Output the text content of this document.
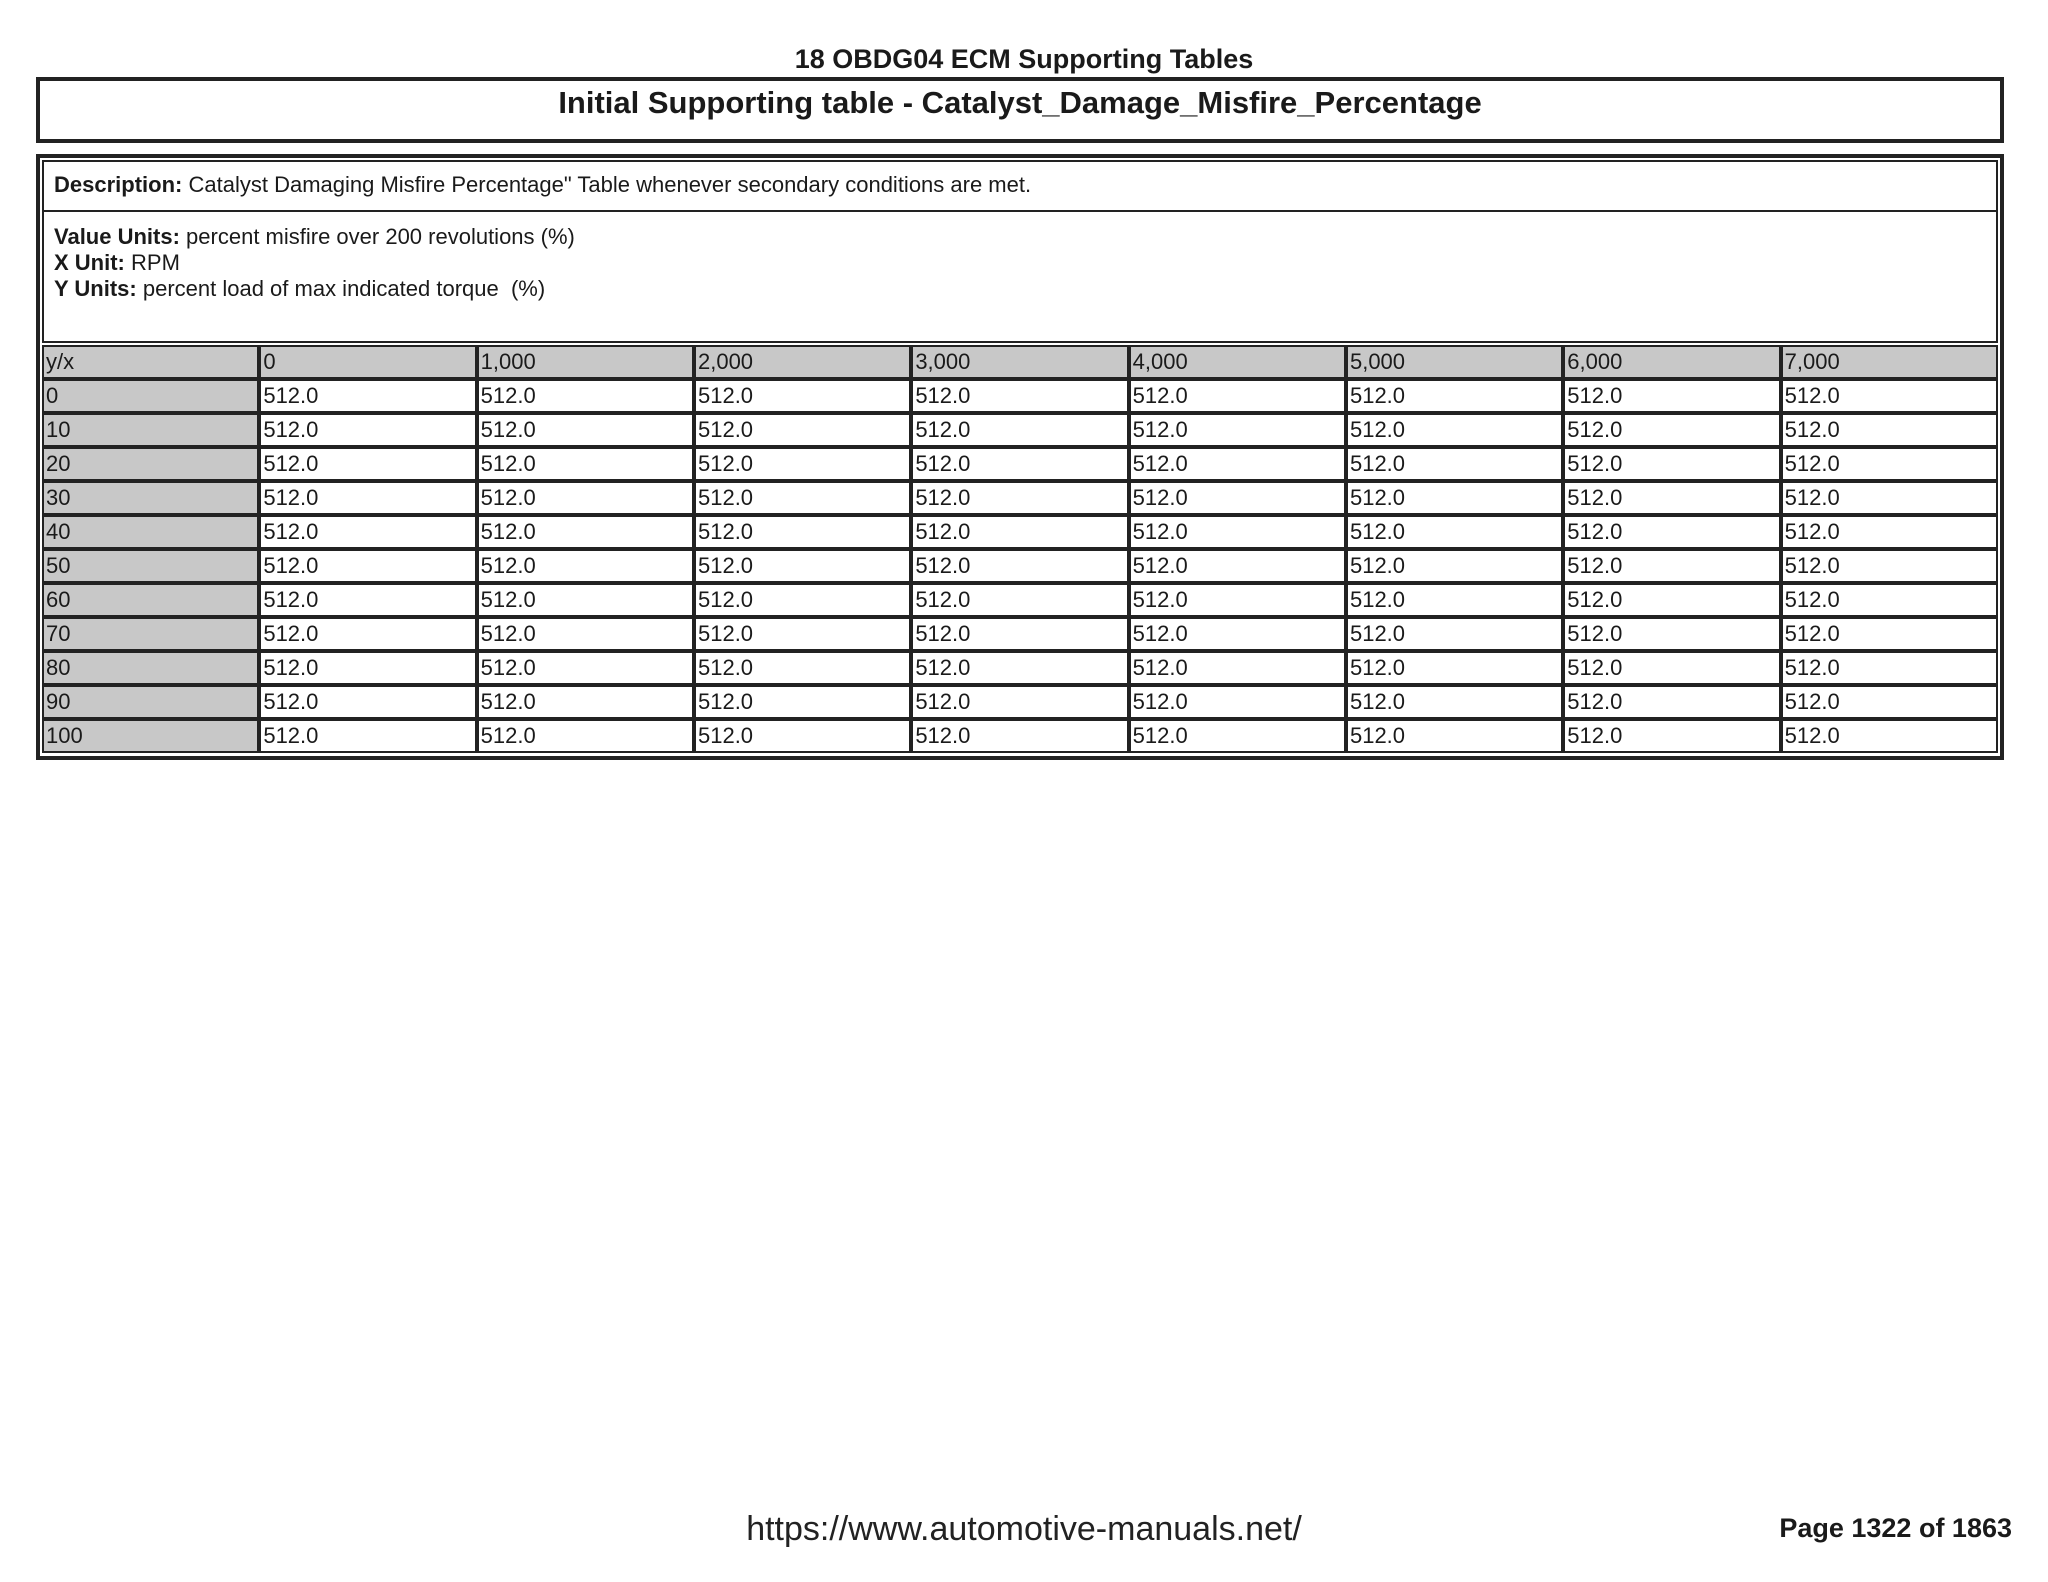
18 OBDG04 ECM Supporting Tables
Initial Supporting table - Catalyst_Damage_Misfire_Percentage
Description: Catalyst Damaging Misfire Percentage" Table whenever secondary conditions are met.
Value Units: percent misfire over 200 revolutions (%)
X Unit: RPM
Y Units: percent load of max indicated torque  (%)
y/x	0	1,000	2,000	3,000	4,000	5,000	6,000	7,000
0	512.0	512.0	512.0	512.0	512.0	512.0	512.0	512.0
10	512.0	512.0	512.0	512.0	512.0	512.0	512.0	512.0
20	512.0	512.0	512.0	512.0	512.0	512.0	512.0	512.0
30	512.0	512.0	512.0	512.0	512.0	512.0	512.0	512.0
40	512.0	512.0	512.0	512.0	512.0	512.0	512.0	512.0
50	512.0	512.0	512.0	512.0	512.0	512.0	512.0	512.0
60	512.0	512.0	512.0	512.0	512.0	512.0	512.0	512.0
70	512.0	512.0	512.0	512.0	512.0	512.0	512.0	512.0
80	512.0	512.0	512.0	512.0	512.0	512.0	512.0	512.0
90	512.0	512.0	512.0	512.0	512.0	512.0	512.0	512.0
100	512.0	512.0	512.0	512.0	512.0	512.0	512.0	512.0
https://www.automotive-manuals.net/	Page 1322 of 1863
